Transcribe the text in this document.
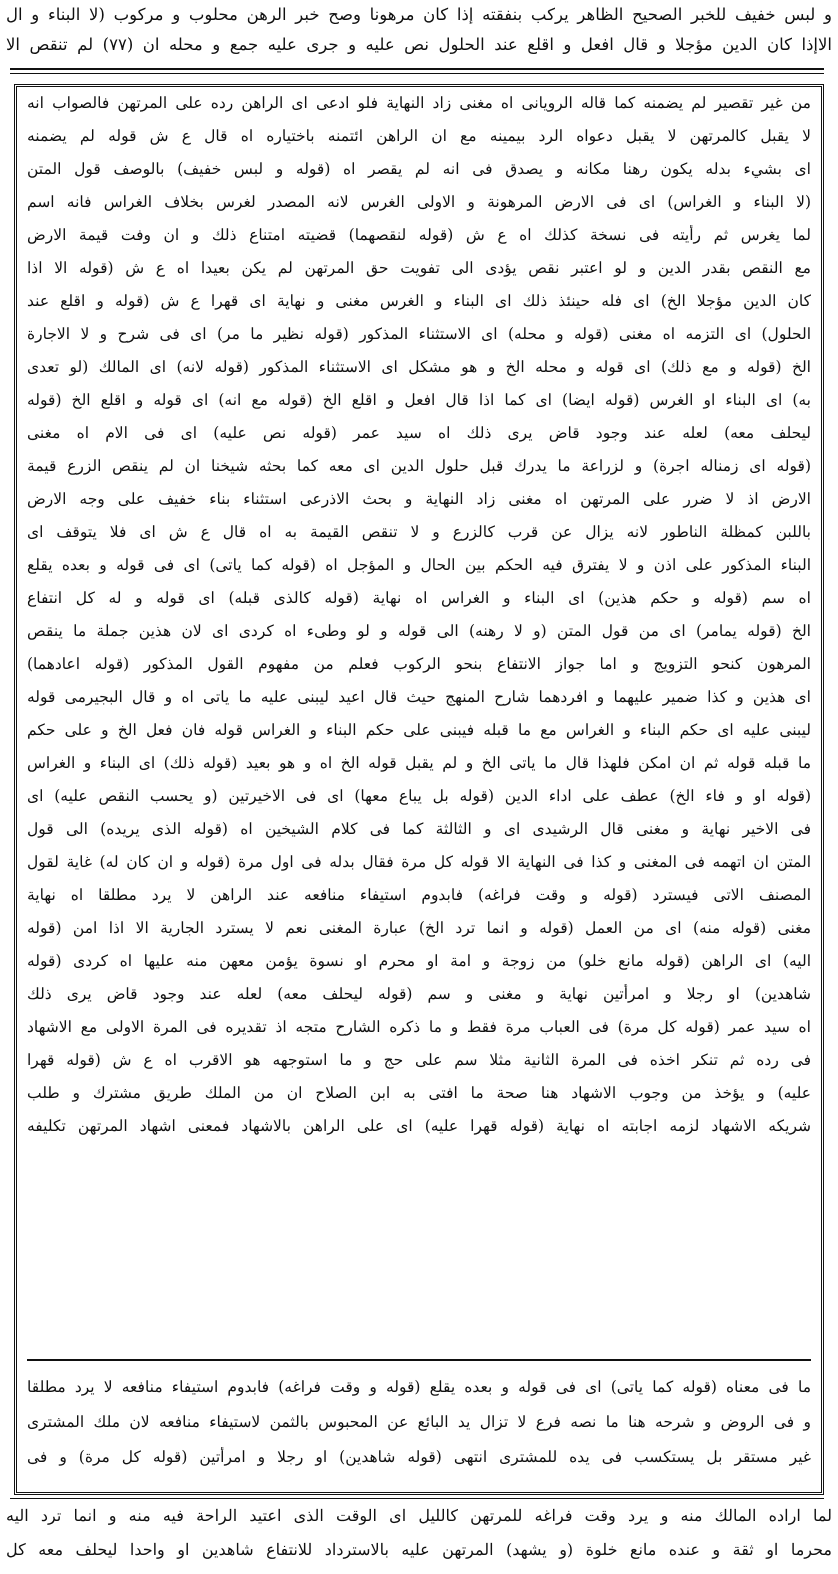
و لبس خفيف للخبر الصحيح الظاهر يركب بنفقته إذا كان مرهونا وصح خبر الرهن محلوب و مركوب (لا البناء و ال
الاإذا كان الدين مؤجلا و قال افعل و اقلع عند الحلول نص عليه و جرى عليه جمع و محله ان (٧٧) لم تنقص الا
من غير تقصير لم يضمنه كما قاله الرويانى اه مغنى زاد النهاية فلو ادعى اى الراهن رده على المرتهن فالصواب انه
لا يقبل كالمرتهن لا يقبل دعواه الرد بيمينه مع ان الراهن ائتمنه باختياره اه قال ع ش قوله لم يضمنه
اى بشيء بدله يكون رهنا مكانه و يصدق فى انه لم يقصر اه (قوله و لبس خفيف) بالوصف قول المتن
(لا البناء و الغراس) اى فى الارض المرهونة و الاولى الغرس لانه المصدر لغرس بخلاف الغراس فانه اسم
لما يغرس ثم رأيته فى نسخة كذلك اه ع ش (قوله لنقصهما) قضيته امتناع ذلك و ان وفت قيمة الارض
مع النقص بقدر الدين و لو اعتبر نقص يؤدى الى تفويت حق المرتهن لم يكن بعيدا اه ع ش (قوله الا اذا
كان الدين مؤجلا الخ) اى فله حينئذ ذلك اى البناء و الغرس مغنى و نهاية اى قهرا ع ش (قوله و اقلع عند
الحلول) اى التزمه اه مغنى (قوله و محله) اى الاستثناء المذكور (قوله نظير ما مر) اى فى شرح و لا الاجارة
الخ (قوله و مع ذلك) اى قوله و محله الخ و هو مشكل اى الاستثناء المذكور (قوله لانه) اى المالك (لو تعدى
به) اى البناء او الغرس (قوله ايضا) اى كما اذا قال افعل و اقلع الخ (قوله مع انه) اى قوله و اقلع الخ (قوله
ليحلف معه) لعله عند وجود قاض يرى ذلك اه سيد عمر (قوله نص عليه) اى فى الام اه مغنى
(قوله اى زمناله اجرة) و لزراعة ما يدرك قبل حلول الدين اى معه كما بحثه شيخنا ان لم ينقص الزرع قيمة
الارض اذ لا ضرر على المرتهن اه مغنى زاد النهاية و بحث الاذرعى استثناء بناء خفيف على وجه الارض
باللبن كمظلة الناطور لانه يزال عن قرب كالزرع و لا تنقص القيمة به اه قال ع ش اى فلا يتوقف اى
البناء المذكور على اذن و لا يفترق فيه الحكم بين الحال و المؤجل اه (قوله كما ياتى) اى فى قوله و بعده يقلع
اه سم (قوله و حكم هذين) اى البناء و الغراس اه نهاية (قوله كالذى قبله) اى قوله و له كل انتفاع
الخ (قوله يمامر) اى من قول المتن (و لا رهنه) الى قوله و لو وطىء اه كردى اى لان هذين جملة ما ينقص
المرهون كنحو التزويج و اما جواز الانتفاع بنحو الركوب فعلم من مفهوم القول المذكور (قوله اعادهما)
اى هذين و كذا ضمير عليهما و افردهما شارح المنهج حيث قال اعيد ليبنى عليه ما ياتى اه و قال البجيرمى قوله
ليبنى عليه اى حكم البناء و الغراس مع ما قبله فيبنى على حكم البناء و الغراس قوله فان فعل الخ و على حكم
ما قبله قوله ثم ان امكن فلهذا قال ما ياتى الخ و لم يقبل قوله الخ اه و هو بعيد (قوله ذلك) اى البناء و الغراس
(قوله او و فاء الخ) عطف على اداء الدين (قوله بل يباع معها) اى فى الاخيرتين (و يحسب النقص عليه) اى
فى الاخير نهاية و مغنى قال الرشيدى اى و الثالثة كما فى كلام الشيخين اه (قوله الذى يريده) الى قول
المتن ان اتهمه فى المغنى و كذا فى النهاية الا قوله كل مرة فقال بدله فى اول مرة (قوله و ان كان له) غاية لقول
المصنف الاتى فيسترد (قوله و وقت فراغه) فابدوم استيفاء منافعه عند الراهن لا يرد مطلقا اه نهاية
مغنى (قوله منه) اى من العمل (قوله و انما ترد الخ) عبارة المغنى نعم لا يسترد الجارية الا اذا امن (قوله
اليه) اى الراهن (قوله مانع خلو) من زوجة و امة او محرم او نسوة يؤمن معهن منه عليها اه كردى (قوله
شاهدين) او رجلا و امرأتين نهاية و مغنى و سم (قوله ليحلف معه) لعله عند وجود قاض يرى ذلك
اه سيد عمر (قوله كل مرة) فى العباب مرة فقط و ما ذكره الشارح متجه اذ تقديره فى المرة الاولى مع الاشهاد
فى رده ثم تنكر اخذه فى المرة الثانية مثلا سم على حج و ما استوجهه هو الاقرب اه ع ش (قوله قهرا
عليه) و يؤخذ من وجوب الاشهاد هنا صحة ما افتى به ابن الصلاح ان من الملك طريق مشترك و طلب
شريكه الاشهاد لزمه اجابته اه نهاية (قوله قهرا عليه) اى على الراهن بالاشهاد فمعنى اشهاد المرتهن تكليفه
ما فى معناه (قوله كما ياتى) اى فى قوله و بعده يقلع (قوله و وقت فراغه) فابدوم استيفاء منافعه لا يرد مطلقا
و فى الروض و شرحه هنا ما نصه فرع لا تزال يد البائع عن المحبوس بالثمن لاستيفاء منافعه لان ملك المشترى
غير مستقر بل يستكسب فى يده للمشترى انتهى (قوله شاهدين) او رجلا و امرأتين (قوله كل مرة) و فى
لما اراده المالك منه و يرد وقت فراغه للمرتهن كالليل اى الوقت الذى اعتيد الراحة فيه منه و انما ترد اليه
محرما او ثقة و عنده مانع خلوة (و يشهد) المرتهن عليه بالاسترداد للانتفاع شاهدين او واحدا ليحلف معه كل
